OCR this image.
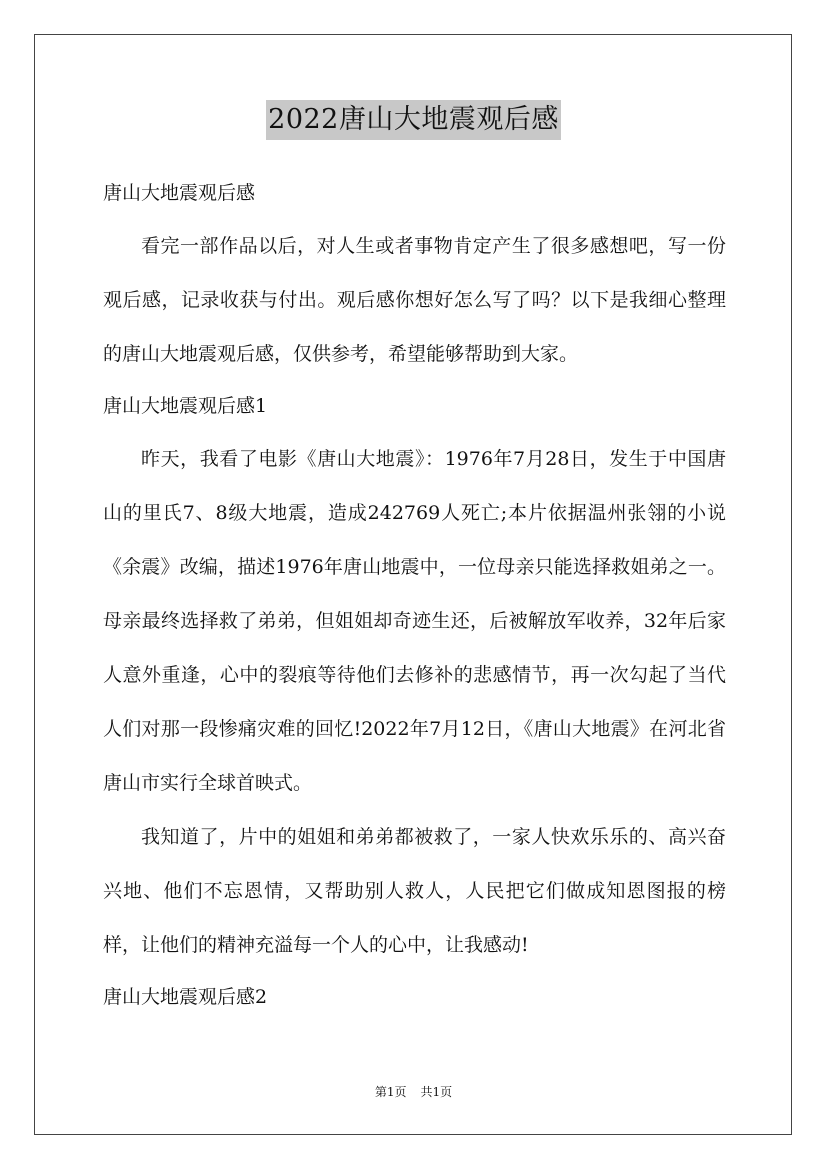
2022唐山大地震观后感

唐山大地震观后感

看完一部作品以后，对人生或者事物肯定产生了很多感想吧，写一份观后感，记录收获与付出。观后感你想好怎么写了吗？以下是我细心整理的唐山大地震观后感，仅供参考，希望能够帮助到大家。

唐山大地震观后感1

昨天，我看了电影《唐山大地震》：1976年7月28日，发生于中国唐山的里氏7、8级大地震，造成242769人死亡;本片依据温州张翎的小说《余震》改编，描述1976年唐山地震中，一位母亲只能选择救姐弟之一。母亲最终选择救了弟弟，但姐姐却奇迹生还，后被解放军收养，32年后家人意外重逢，心中的裂痕等待他们去修补的悲感情节，再一次勾起了当代人们对那一段惨痛灾难的回忆!2022年7月12日，《唐山大地震》在河北省唐山市实行全球首映式。

我知道了，片中的姐姐和弟弟都被救了，一家人快欢乐乐的、高兴奋兴地、他们不忘恩情，又帮助别人救人，人民把它们做成知恩图报的榜样，让他们的精神充溢每一个人的心中，让我感动!

唐山大地震观后感2

第1页 共1页
